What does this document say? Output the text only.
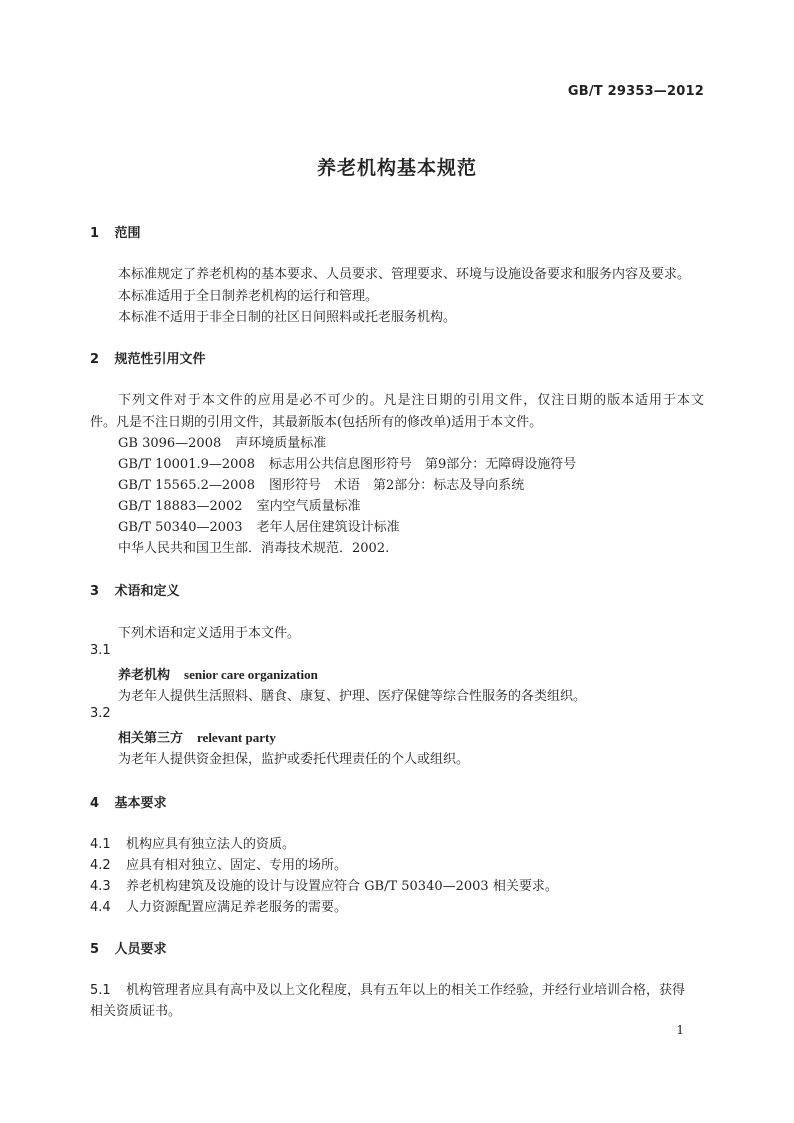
GB/T 29353—2012
养老机构基本规范
1 范围
本标准规定了养老机构的基本要求、人员要求、管理要求、环境与设施设备要求和服务内容及要求。
本标准适用于全日制养老机构的运行和管理。
本标准不适用于非全日制的社区日间照料或托老服务机构。
2 规范性引用文件
下列文件对于本文件的应用是必不可少的。凡是注日期的引用文件，仅注日期的版本适用于本文
件。凡是不注日期的引用文件，其最新版本(包括所有的修改单)适用于本文件。
GB 3096—2008 声环境质量标准
GB/T 10001.9—2008 标志用公共信息图形符号　第9部分：无障碍设施符号
GB/T 15565.2—2008 图形符号　术语　第2部分：标志及导向系统
GB/T 18883—2002 室内空气质量标准
GB/T 50340—2003 老年人居住建筑设计标准
中华人民共和国卫生部．消毒技术规范．2002.
3 术语和定义
下列术语和定义适用于本文件。
3.1
养老机构 senior care organization
为老年人提供生活照料、膳食、康复、护理、医疗保健等综合性服务的各类组织。
3.2
相关第三方 relevant party
为老年人提供资金担保，监护或委托代理责任的个人或组织。
4 基本要求
4.1 机构应具有独立法人的资质。
4.2 应具有相对独立、固定、专用的场所。
4.3 养老机构建筑及设施的设计与设置应符合 GB/T 50340—2003 相关要求。
4.4 人力资源配置应满足养老服务的需要。
5 人员要求
5.1 机构管理者应具有高中及以上文化程度，具有五年以上的相关工作经验，并经行业培训合格，获得
相关资质证书。
1
